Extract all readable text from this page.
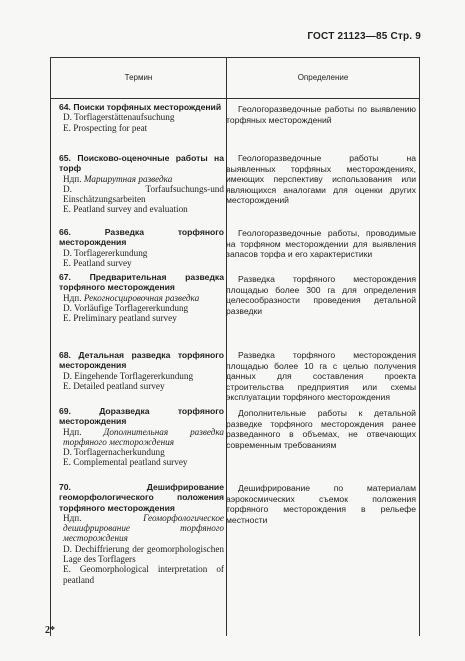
ГОСТ 21123—85 Стр. 9
Термин	Определение
64. Поиски торфяных месторождений
D. Torflagerstättenaufsuchung
E. Prospecting for peat
Геологоразведочные работы по выявлению торфяных месторождений
65. Поисково-оценочные работы на торф
Ндп. Маршрутная разведка
D. Torfaufsuchungs-und Einschätzungsarbeiten
E. Peatland survey and evaluation
Геологоразведочные работы на выявленных торфяных месторождениях, имеющих перспективу использования или являющихся аналогами для оценки других месторождений
66. Разведка торфяного месторождения
D. Torflagererkundung
E. Peatland survey
Геологоразведочные работы, проводимые на торфяном месторождении для выявления запасов торфа и его характеристики
67. Предварительная разведка торфяного месторождения
Ндп. Рекогносцировочная разведка
D. Vorläufige Torflagererkundung
E. Preliminary peatland survey
Разведка торфяного месторождения площадью более 300 га для определения целесообразности проведения детальной разведки
68. Детальная разведка торфяного месторождения
D. Eingehende Torflagererkundung
E. Detailed peatland survey
Разведка торфяного месторождения площадью более 10 га с целью получения данных для составления проекта строительства предприятия или схемы эксплуатации торфяного месторождения
69. Доразведка торфяного месторождения
Ндп. Дополнительная разведка торфяного месторождения
D. Torflagernacherkundung
E. Complemental peatland survey
Дополнительные работы к детальной разведке торфяного месторождения ранее разведанного в объемах, не отвечающих современным требованиям
70. Дешифрирование геоморфологического положения торфяного месторождения
Ндп.	Геоморфологическое дешифрирование торфяного месторождения
D. Dechiffrierung der geomorphologischen Lage des Torflagers
E. Geomorphological interpretation of peatland
Дешифрирование по материалам аэрокосмических съемок положения торфяного месторождения в рельефе местности
2*
